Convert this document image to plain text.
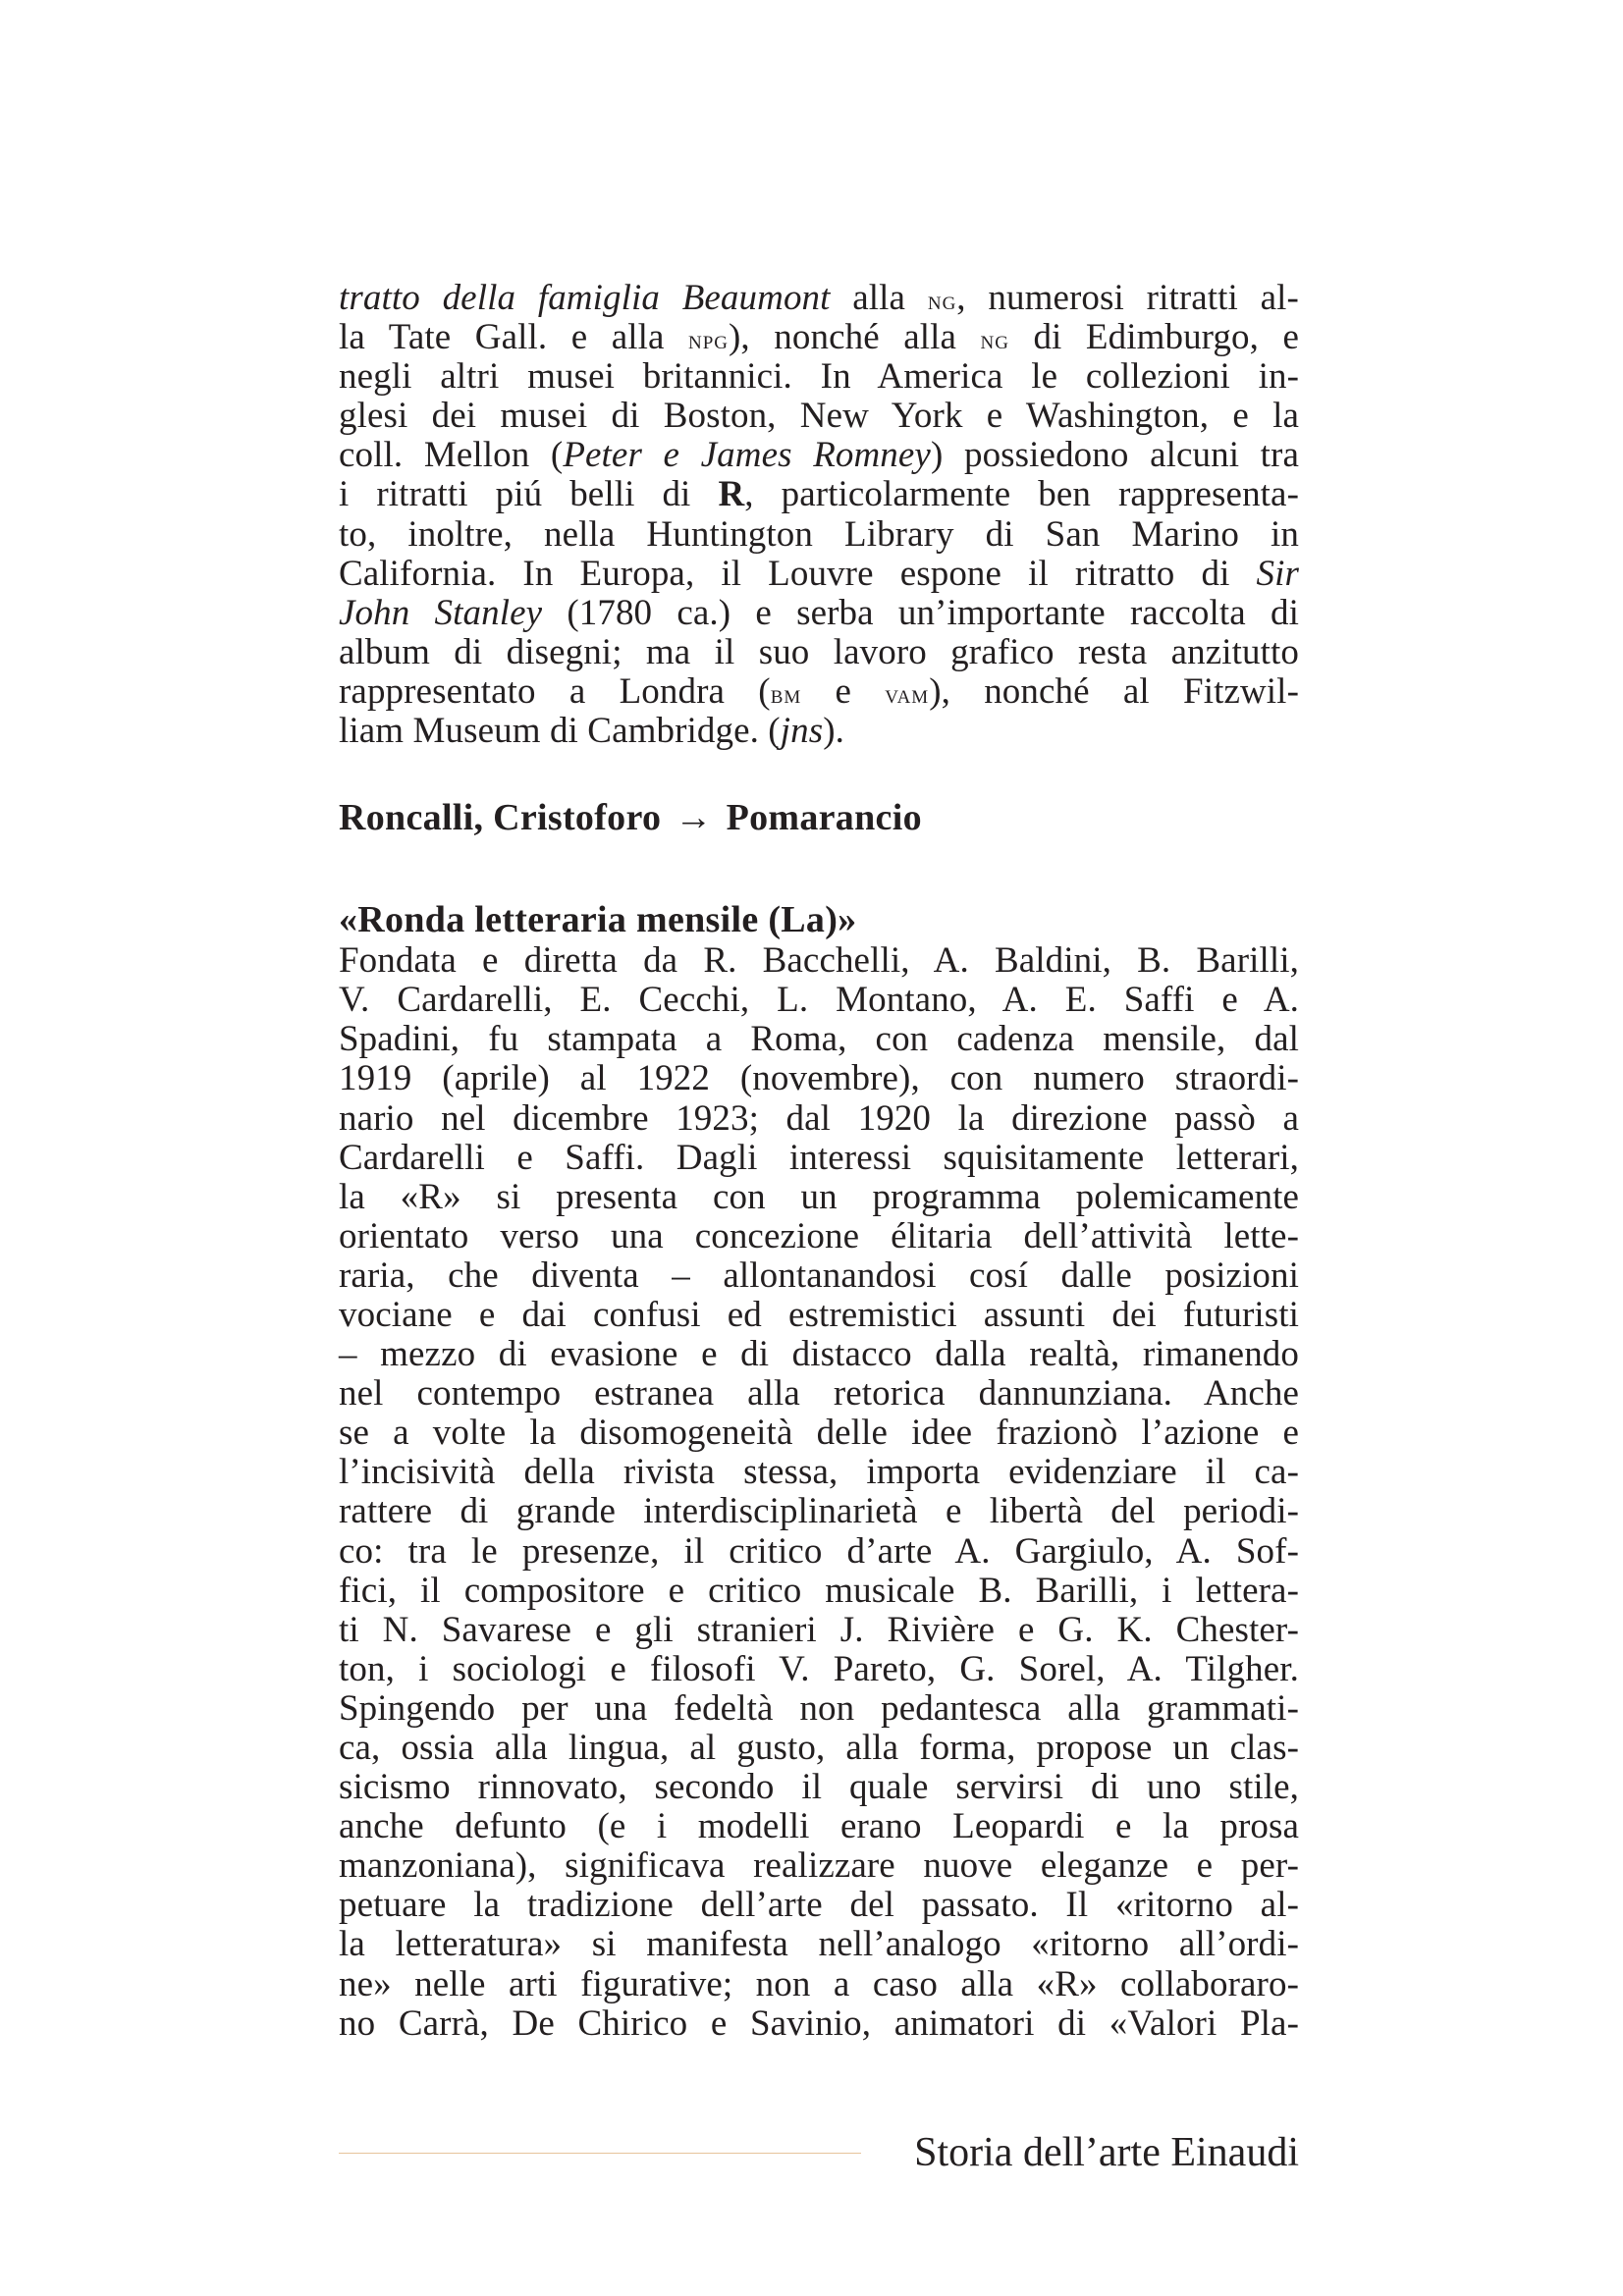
tratto della famiglia Beaumont alla ng, numerosi ritratti al-
la Tate Gall. e alla npg), nonché alla ng di Edimburgo, e
negli altri musei britannici. In America le collezioni in-
glesi dei musei di Boston, New York e Washington, e la
coll. Mellon (Peter e James Romney) possiedono alcuni tra
i ritratti piú belli di R, particolarmente ben rappresenta-
to, inoltre, nella Huntington Library di San Marino in
California. In Europa, il Louvre espone il ritratto di Sir
John Stanley (1780 ca.) e serba un’importante raccolta di
album di disegni; ma il suo lavoro grafico resta anzitutto
rappresentato a Londra (bm e vam), nonché al Fitzwil-
liam Museum di Cambridge. (jns).
Roncalli, Cristoforo → Pomarancio
«Ronda letteraria mensile (La)»
Fondata e diretta da R. Bacchelli, A. Baldini, B. Barilli,
V. Cardarelli, E. Cecchi, L. Montano, A. E. Saffi e A.
Spadini, fu stampata a Roma, con cadenza mensile, dal
1919 (aprile) al 1922 (novembre), con numero straordi-
nario nel dicembre 1923; dal 1920 la direzione passò a
Cardarelli e Saffi. Dagli interessi squisitamente letterari,
la «R» si presenta con un programma polemicamente
orientato verso una concezione élitaria dell’attività lette-
raria, che diventa – allontanandosi cosí dalle posizioni
vociane e dai confusi ed estremistici assunti dei futuristi
– mezzo di evasione e di distacco dalla realtà, rimanendo
nel contempo estranea alla retorica dannunziana. Anche
se a volte la disomogeneità delle idee frazionò l’azione e
l’incisività della rivista stessa, importa evidenziare il ca-
rattere di grande interdisciplinarietà e libertà del periodi-
co: tra le presenze, il critico d’arte A. Gargiulo, A. Sof-
fici, il compositore e critico musicale B. Barilli, i lettera-
ti N. Savarese e gli stranieri J. Rivière e G. K. Chester-
ton, i sociologi e filosofi V. Pareto, G. Sorel, A. Tilgher.
Spingendo per una fedeltà non pedantesca alla grammati-
ca, ossia alla lingua, al gusto, alla forma, propose un clas-
sicismo rinnovato, secondo il quale servirsi di uno stile,
anche defunto (e i modelli erano Leopardi e la prosa
manzoniana), significava realizzare nuove eleganze e per-
petuare la tradizione dell’arte del passato. Il «ritorno al-
la letteratura» si manifesta nell’analogo «ritorno all’ordi-
ne» nelle arti figurative; non a caso alla «R» collaboraro-
no Carrà, De Chirico e Savinio, animatori di «Valori Pla-
Storia dell’arte Einaudi
